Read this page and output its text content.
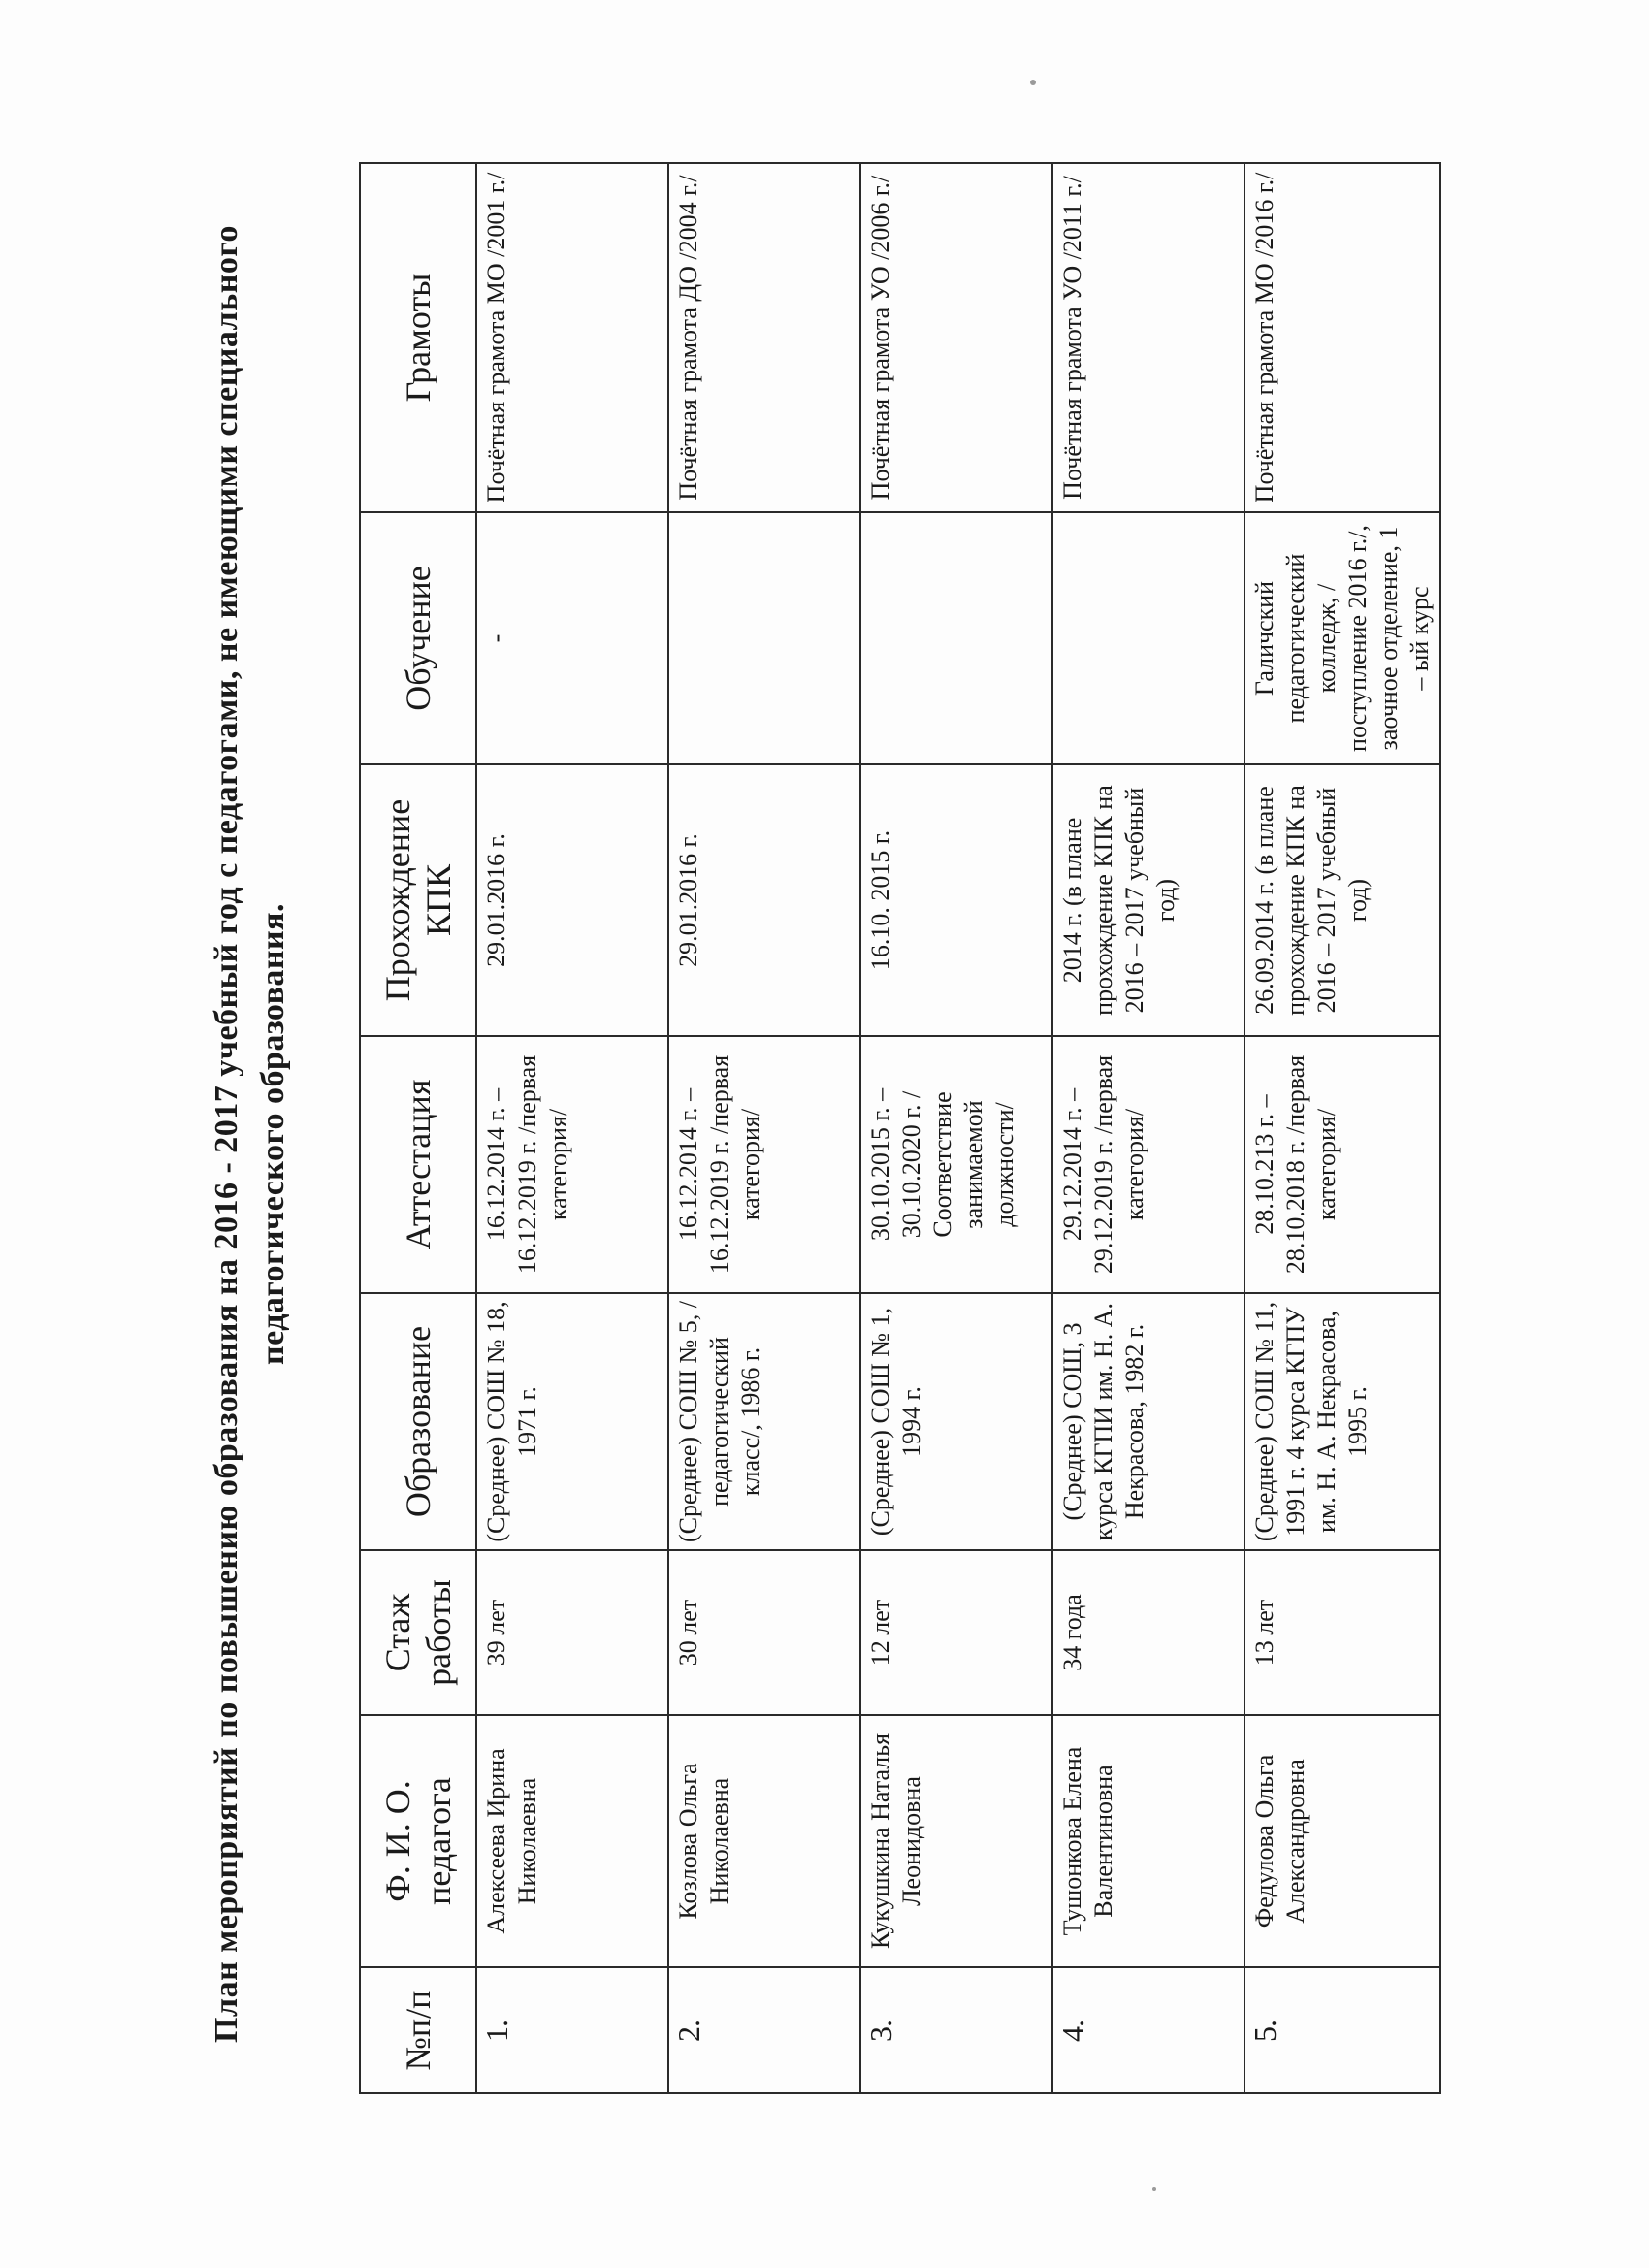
План мероприятий по повышению образования на 2016 - 2017 учебный год с педагогами, не имеющими специального педагогического образования.
№п/п	Ф. И. О. педагога	Стаж работы	Образование	Аттестация	Прохождение КПК	Обучение	Грамоты
1.	Алексеева Ирина Николаевна	39 лет	(Среднее) СОШ № 18, 1971 г.	16.12.2014 г. – 16.12.2019 г. /первая категория/	29.01.2016 г.	-	Почётная грамота МО /2001 г./
2.	Козлова Ольга Николаевна	30 лет	(Среднее) СОШ № 5, /педагогический класс/, 1986 г.	16.12.2014 г. – 16.12.2019 г. /первая категория/	29.01.2016 г.		Почётная грамота ДО /2004 г./
3.	Кукушкина Наталья Леонидовна	12 лет	(Среднее) СОШ № 1, 1994 г.	30.10.2015 г. – 30.10.2020 г. /Соответствие занимаемой должности/	16.10. 2015 г.		Почётная грамота УО /2006 г./
4.	Тушонкова Елена Валентиновна	34 года	(Среднее) СОШ, 3 курса КГПИ им. Н. А. Некрасова, 1982 г.	29.12.2014 г. – 29.12.2019 г. /первая категория/	2014 г. (в плане прохождение КПК на 2016 – 2017 учебный год)		Почётная грамота УО /2011 г./
5.	Федулова Ольга Александровна	13 лет	(Среднее) СОШ № 11, 1991 г. 4 курса КГПУ им. Н. А. Некрасова, 1995 г.	28.10.213 г. – 28.10.2018 г. /первая категория/	26.09.2014 г. (в плане прохождение КПК на 2016 – 2017 учебный год)	Галичский педагогический колледж, /поступление 2016 г./, заочное отделение, 1 – ый курс	Почётная грамота МО /2016 г./
